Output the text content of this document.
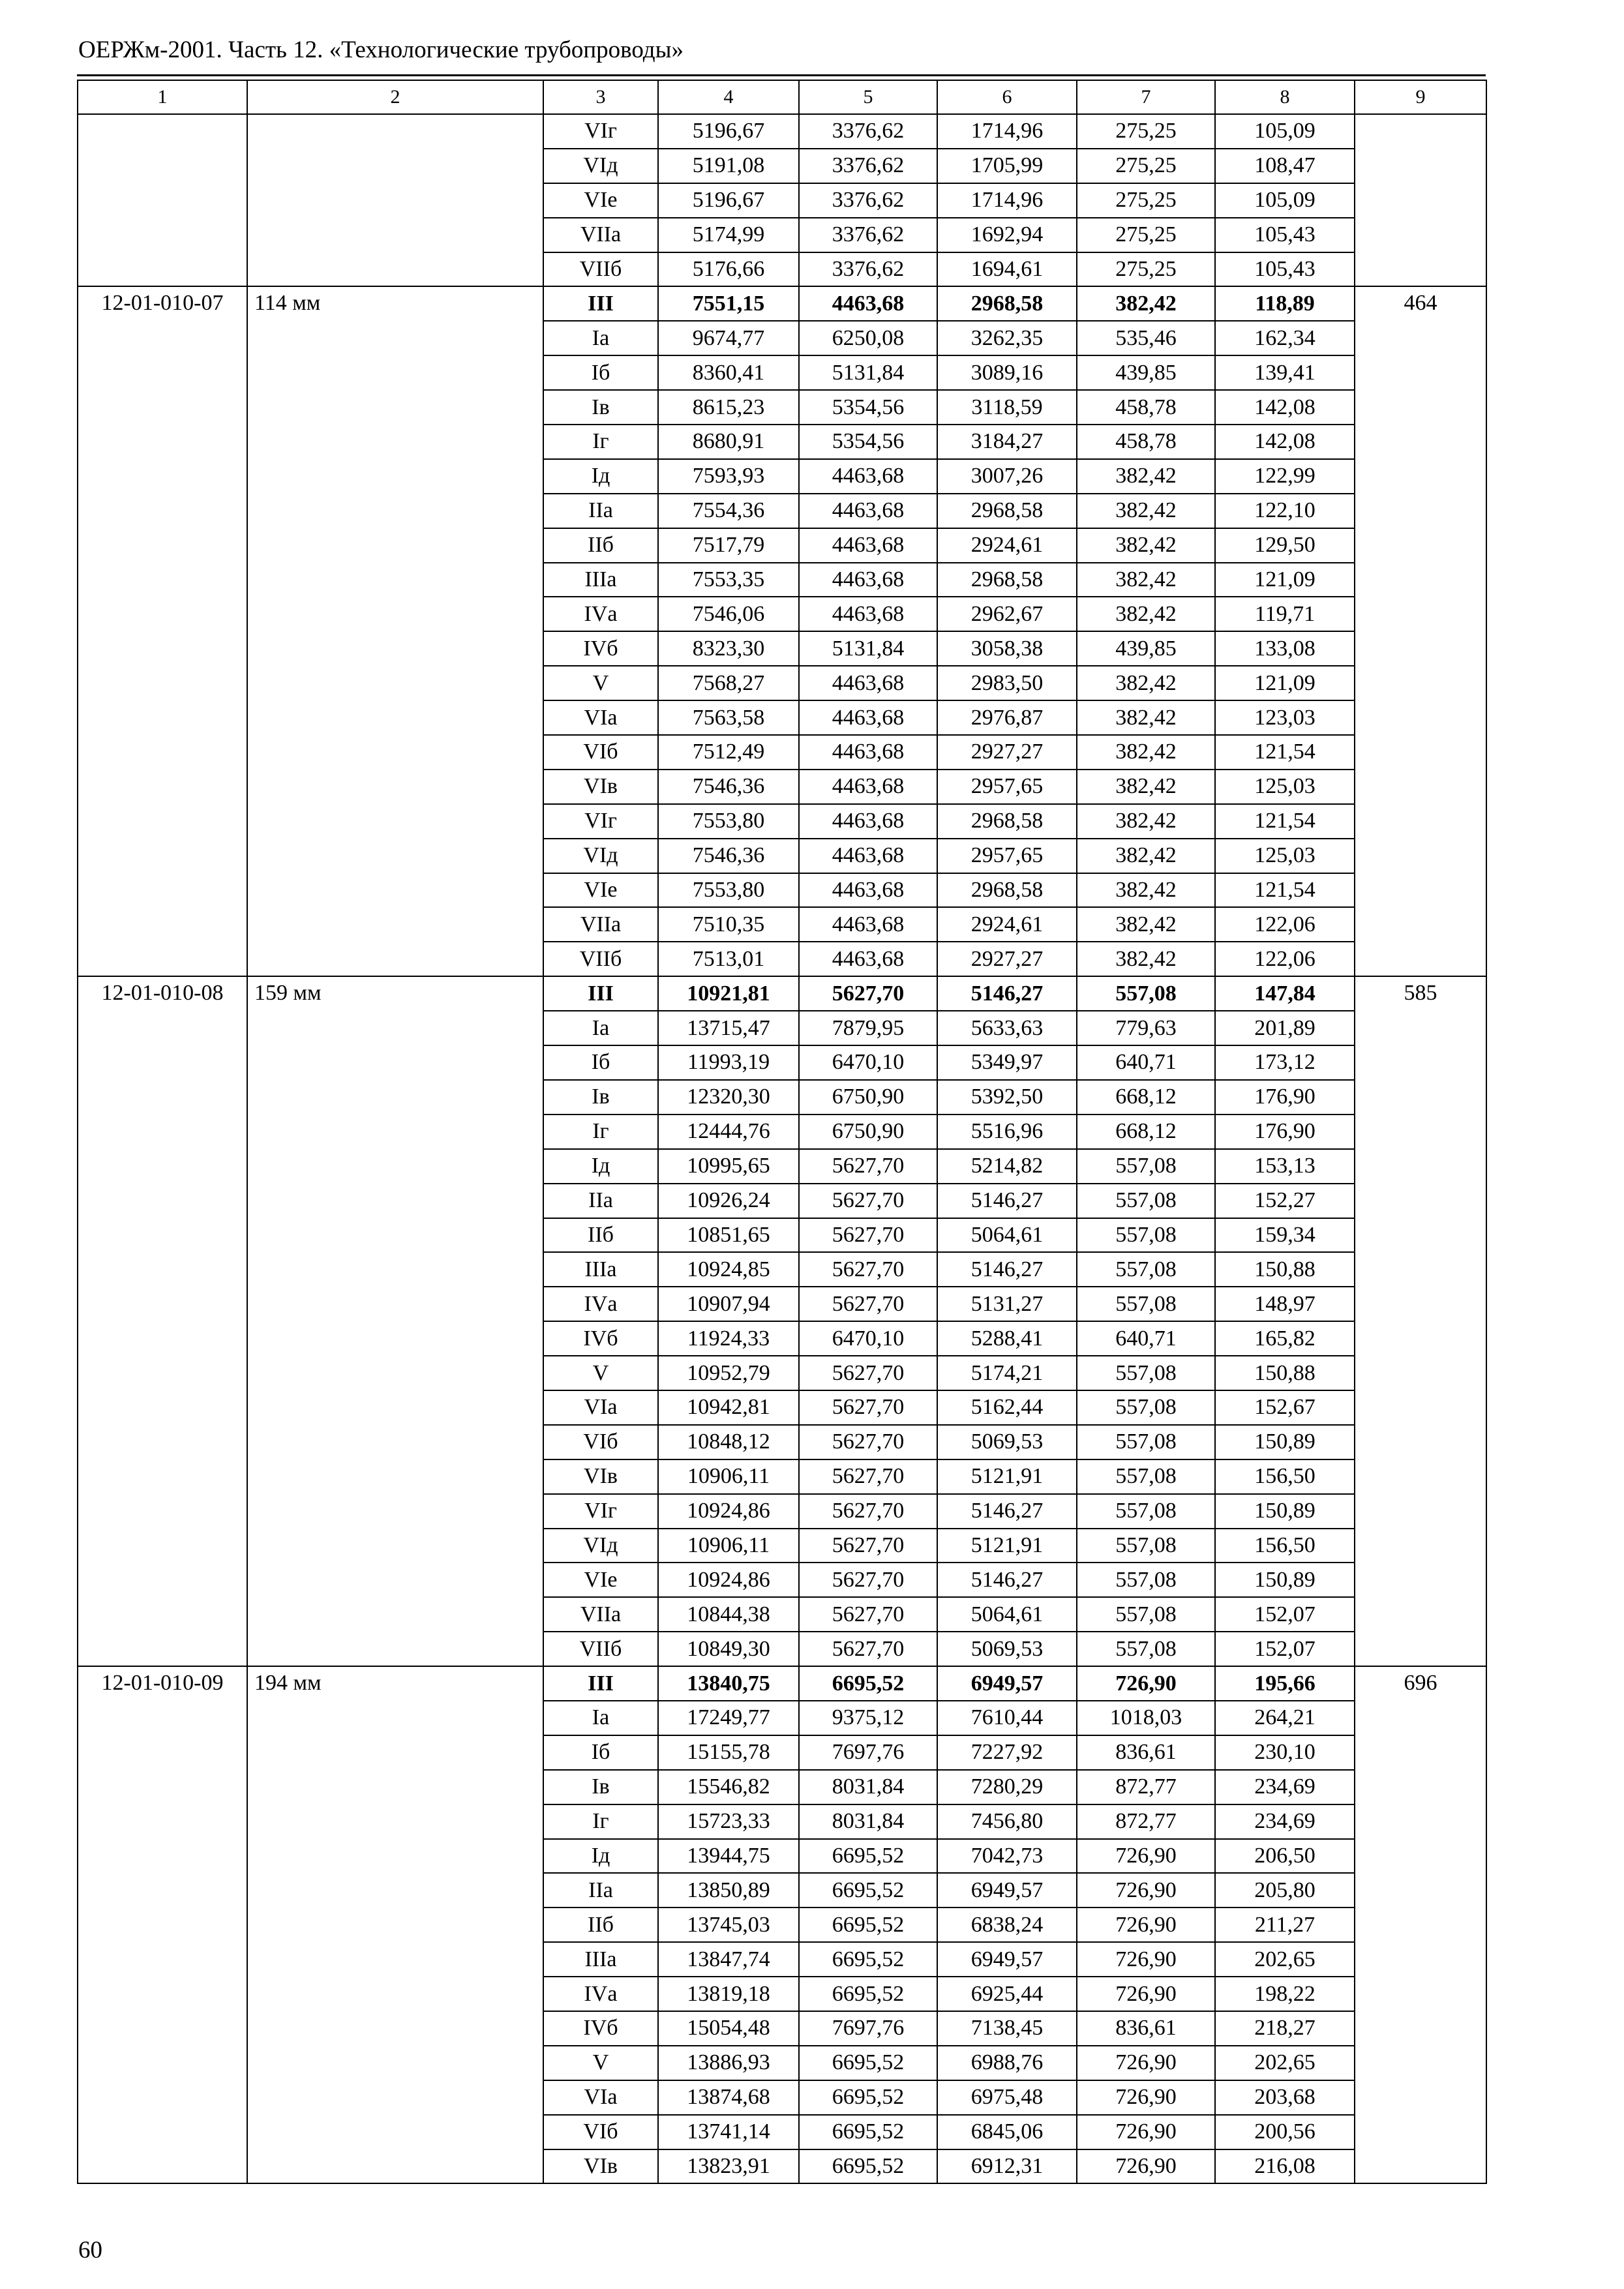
ОЕРЖм-2001. Часть 12. «Технологические трубопроводы»
1	2	3	4	5	6	7	8	9
		VIг	5196,67	3376,62	1714,96	275,25	105,09	
		VIд	5191,08	3376,62	1705,99	275,25	108,47	
		VIе	5196,67	3376,62	1714,96	275,25	105,09	
		VIIа	5174,99	3376,62	1692,94	275,25	105,43	
		VIIб	5176,66	3376,62	1694,61	275,25	105,43	
12-01-010-07	114 мм	III	7551,15	4463,68	2968,58	382,42	118,89	464
		Iа	9674,77	6250,08	3262,35	535,46	162,34	
		Iб	8360,41	5131,84	3089,16	439,85	139,41	
		Iв	8615,23	5354,56	3118,59	458,78	142,08	
		Iг	8680,91	5354,56	3184,27	458,78	142,08	
		Iд	7593,93	4463,68	3007,26	382,42	122,99	
		IIа	7554,36	4463,68	2968,58	382,42	122,10	
		IIб	7517,79	4463,68	2924,61	382,42	129,50	
		IIIа	7553,35	4463,68	2968,58	382,42	121,09	
		IVа	7546,06	4463,68	2962,67	382,42	119,71	
		IVб	8323,30	5131,84	3058,38	439,85	133,08	
		V	7568,27	4463,68	2983,50	382,42	121,09	
		VIа	7563,58	4463,68	2976,87	382,42	123,03	
		VIб	7512,49	4463,68	2927,27	382,42	121,54	
		VIв	7546,36	4463,68	2957,65	382,42	125,03	
		VIг	7553,80	4463,68	2968,58	382,42	121,54	
		VIд	7546,36	4463,68	2957,65	382,42	125,03	
		VIе	7553,80	4463,68	2968,58	382,42	121,54	
		VIIа	7510,35	4463,68	2924,61	382,42	122,06	
		VIIб	7513,01	4463,68	2927,27	382,42	122,06	
12-01-010-08	159 мм	III	10921,81	5627,70	5146,27	557,08	147,84	585
		Iа	13715,47	7879,95	5633,63	779,63	201,89	
		Iб	11993,19	6470,10	5349,97	640,71	173,12	
		Iв	12320,30	6750,90	5392,50	668,12	176,90	
		Iг	12444,76	6750,90	5516,96	668,12	176,90	
		Iд	10995,65	5627,70	5214,82	557,08	153,13	
		IIа	10926,24	5627,70	5146,27	557,08	152,27	
		IIб	10851,65	5627,70	5064,61	557,08	159,34	
		IIIа	10924,85	5627,70	5146,27	557,08	150,88	
		IVа	10907,94	5627,70	5131,27	557,08	148,97	
		IVб	11924,33	6470,10	5288,41	640,71	165,82	
		V	10952,79	5627,70	5174,21	557,08	150,88	
		VIа	10942,81	5627,70	5162,44	557,08	152,67	
		VIб	10848,12	5627,70	5069,53	557,08	150,89	
		VIв	10906,11	5627,70	5121,91	557,08	156,50	
		VIг	10924,86	5627,70	5146,27	557,08	150,89	
		VIд	10906,11	5627,70	5121,91	557,08	156,50	
		VIе	10924,86	5627,70	5146,27	557,08	150,89	
		VIIа	10844,38	5627,70	5064,61	557,08	152,07	
		VIIб	10849,30	5627,70	5069,53	557,08	152,07	
12-01-010-09	194 мм	III	13840,75	6695,52	6949,57	726,90	195,66	696
		Iа	17249,77	9375,12	7610,44	1018,03	264,21	
		Iб	15155,78	7697,76	7227,92	836,61	230,10	
		Iв	15546,82	8031,84	7280,29	872,77	234,69	
		Iг	15723,33	8031,84	7456,80	872,77	234,69	
		Iд	13944,75	6695,52	7042,73	726,90	206,50	
		IIа	13850,89	6695,52	6949,57	726,90	205,80	
		IIб	13745,03	6695,52	6838,24	726,90	211,27	
		IIIа	13847,74	6695,52	6949,57	726,90	202,65	
		IVа	13819,18	6695,52	6925,44	726,90	198,22	
		IVб	15054,48	7697,76	7138,45	836,61	218,27	
		V	13886,93	6695,52	6988,76	726,90	202,65	
		VIа	13874,68	6695,52	6975,48	726,90	203,68	
		VIб	13741,14	6695,52	6845,06	726,90	200,56	
		VIв	13823,91	6695,52	6912,31	726,90	216,08	
60
